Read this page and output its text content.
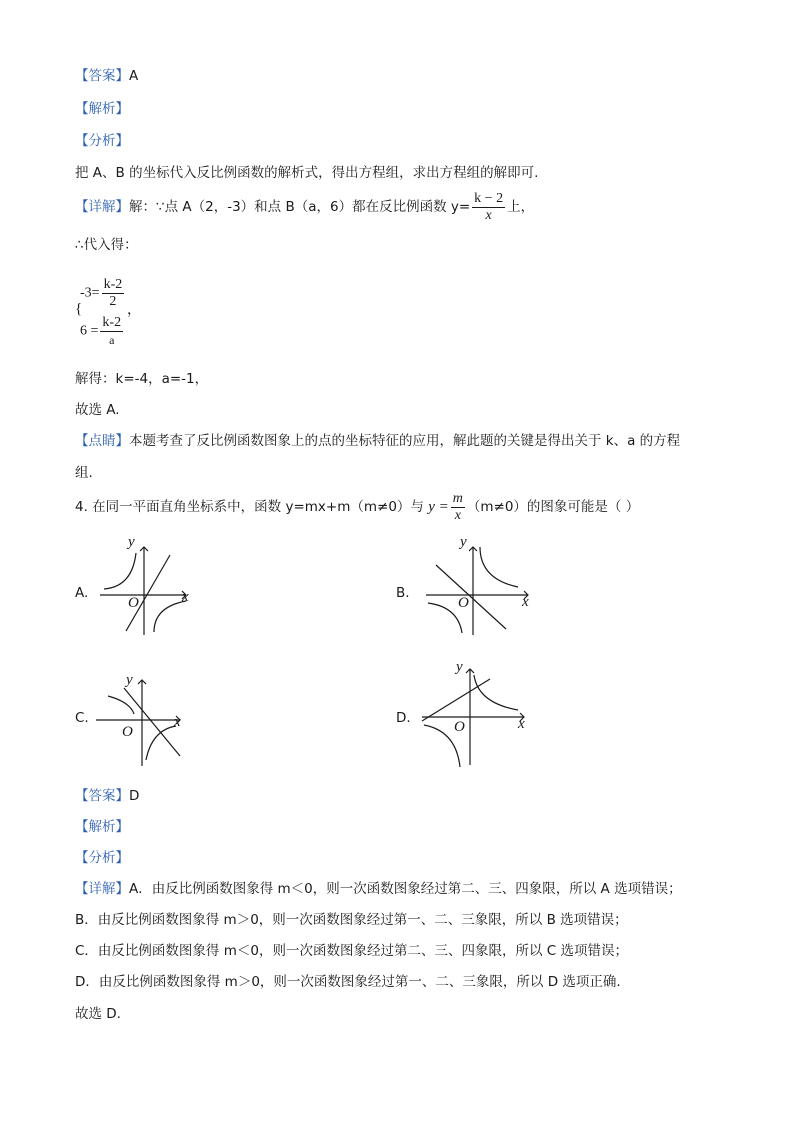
【答案】A
【解析】
【分析】
把 A、B 的坐标代入反比例函数的解析式，得出方程组，求出方程组的解即可.
【详解】解：∵点 A（2，-3）和点 B（a，6）都在反比例函数 $y= \frac{k - 2}{x}$ 上，
∴代入得：
$-3= \frac{k-2}{2}$
{	，
$6 = \frac{k-2}{a}$
解得：k=-4，a=-1，
故选 A.
【点睛】本题考查了反比例函数图象上的点的坐标特征的应用，解此题的关键是得出关于 k、a 的方程
组.
4. 在同一平面直角坐标系中，函数 y=mx+m（m≠0）与 $y = \frac{m}{x} (m\ne 0)$的图象可能是（ ）
A.	B.
C.	D.
y
x
O
y
x
O
y
x
O
y
x
O
【答案】D
【解析】
【分析】
【详解】A．由反比例函数图象得 m＜0，则一次函数图象经过第二、三、四象限，所以 A 选项错误；
B．由反比例函数图象得 m＞0，则一次函数图象经过第一、二、三象限，所以 B 选项错误；
C．由反比例函数图象得 m＜0，则一次函数图象经过第二、三、四象限，所以 C 选项错误；
D．由反比例函数图象得 m＞0，则一次函数图象经过第一、二、三象限，所以 D 选项正确.
故选 D.
